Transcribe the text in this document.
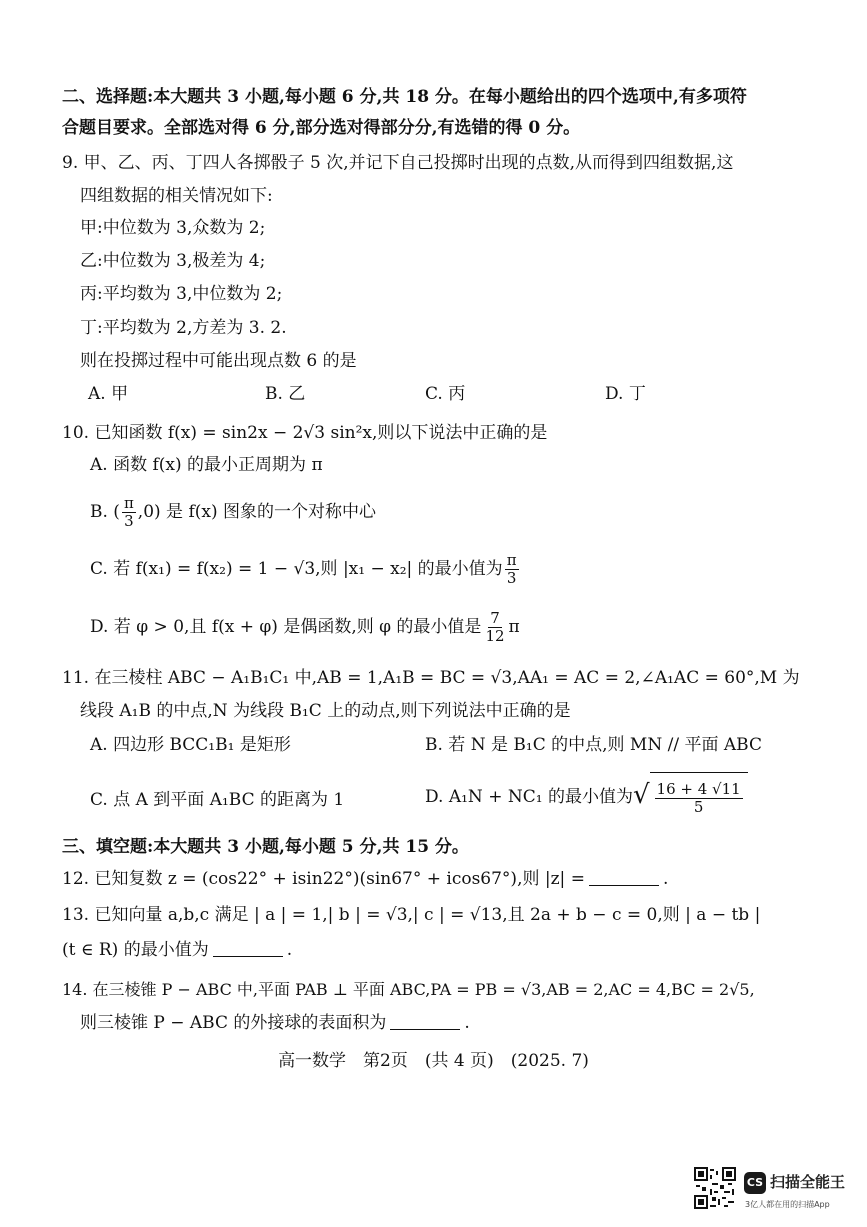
二、选择题:本大题共 3 小题,每小题 6 分,共 18 分。在每小题给出的四个选项中,有多项符
合题目要求。全部选对得 6 分,部分选对得部分分,有选错的得 0 分。
9. 甲、乙、丙、丁四人各掷骰子 5 次,并记下自己投掷时出现的点数,从而得到四组数据,这
四组数据的相关情况如下:
甲:中位数为 3,众数为 2;
乙:中位数为 3,极差为 4;
丙:平均数为 3,中位数为 2;
丁:平均数为 2,方差为 3. 2.
则在投掷过程中可能出现点数 6 的是
A. 甲	B. 乙	C. 丙	D. 丁
10. 已知函数 f(x) = sin2x − 2√3 sin²x,则以下说法中正确的是
A. 函数 f(x) 的最小正周期为 π
B. ( $\frac{\pi}{3} ,0$) 是 f(x) 图象的一个对称中心
C. 若 f(x₁) = f(x₂) = 1 − √3,则 |x₁ − x₂| 的最小值为 $\frac{\pi}{3}$
D. 若 φ > 0,且 f(x + φ) 是偶函数,则 φ 的最小值是 $\frac{7}{12}$ π
11. 在三棱柱 ABC − A₁B₁C₁ 中,AB = 1,A₁B = BC = √3,AA₁ = AC = 2,∠A₁AC = 60°,M 为
线段 A₁B 的中点,N 为线段 B₁C 上的动点,则下列说法中正确的是
A. 四边形 BCC₁B₁ 是矩形	B. 若 N 是 B₁C 的中点,则 MN // 平面 ABC
C. 点 A 到平面 A₁BC 的距离为 1	D. A₁N + NC₁ 的最小值为 √ $\frac{16 + 4 √11}{5}$
三、填空题:本大题共 3 小题,每小题 5 分,共 15 分。
12. 已知复数 z = (cos22° + isin22°)(sin67° + icos67°),则 |z| =	.
13. 已知向量 a,b,c 满足 | a | = 1,| b | = √3,| c | = √13,且 2a + b − c = 0,则 | a − tb |
(t ∈ R) 的最小值为	.
14. 在三棱锥 P − ABC 中,平面 PAB ⊥ 平面 ABC,PA = PB = √3,AB = 2,AC = 4,BC = 2√5,
则三棱锥 P − ABC 的外接球的表面积为	.
高一数学　第2页　(共 4 页)　(2025. 7)
CS 扫描全能王
3亿人都在用的扫描App
